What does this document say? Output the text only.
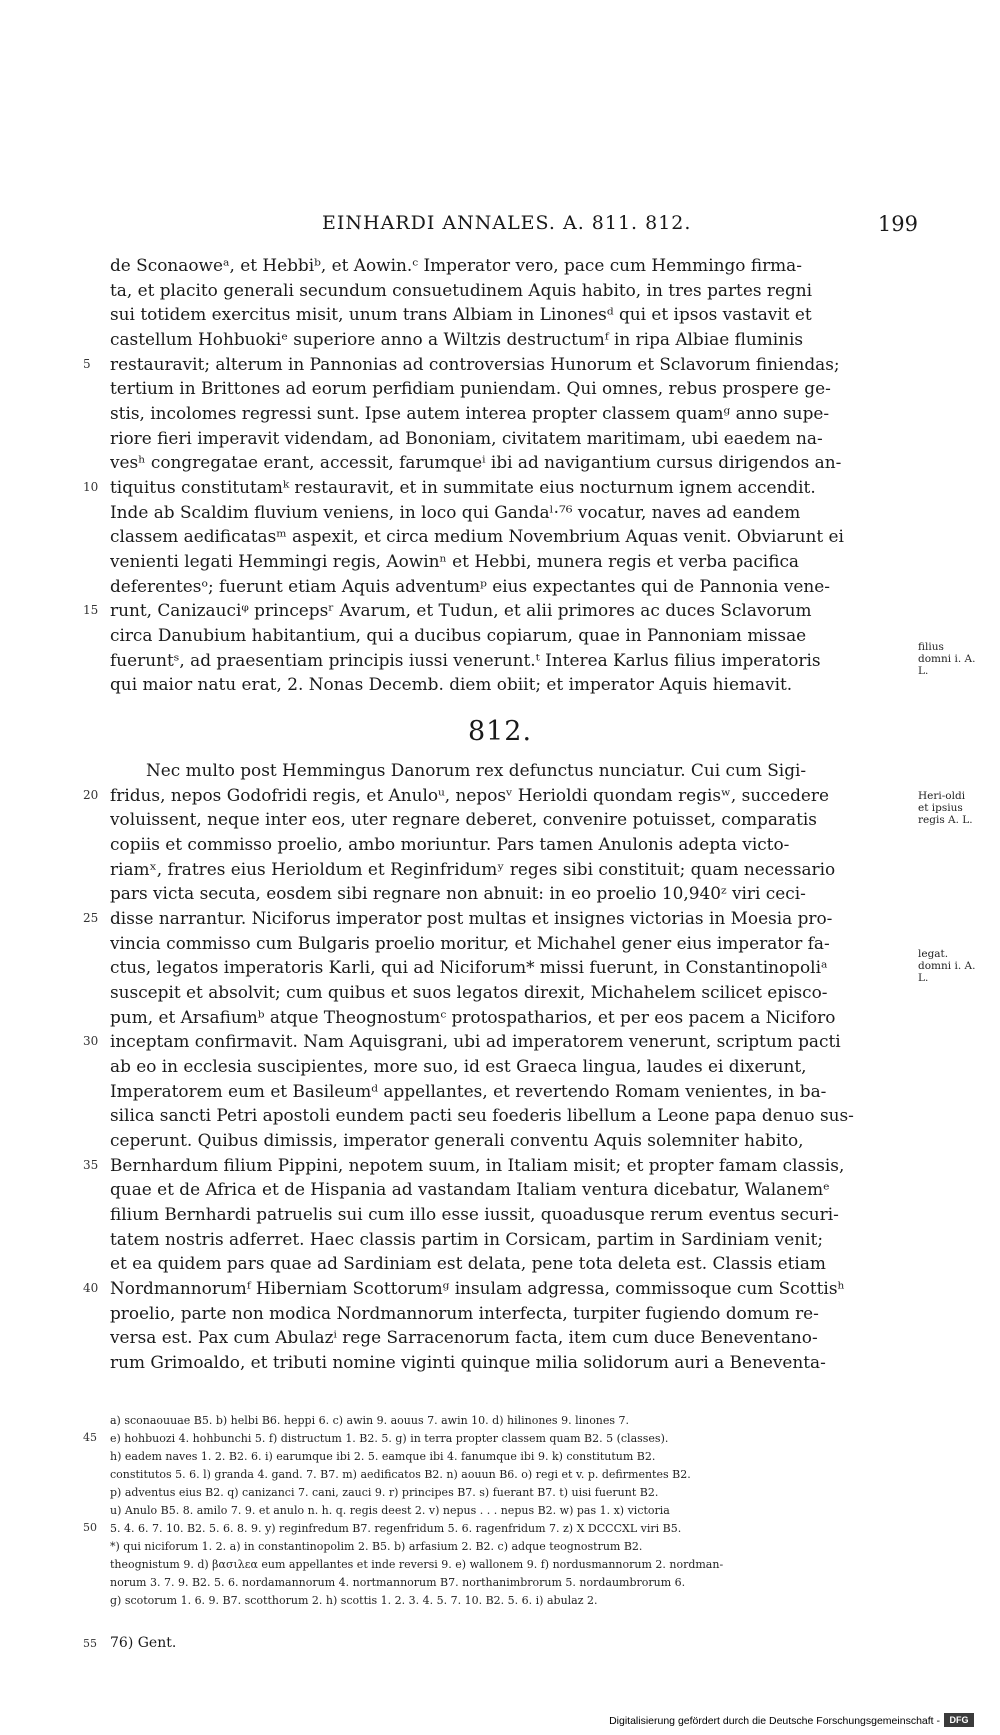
EINHARDI ANNALES. A. 811. 812.	199
de Sconaoweᵃ, et Hebbiᵇ, et Aowin.ᶜ Imperator vero, pace cum Hemmingo firma-
ta, et placito generali secundum consuetudinem Aquis habito, in tres partes regni
sui totidem exercitus misit, unum trans Albiam in Linonesᵈ qui et ipsos vastavit et
castellum Hohbuokiᵉ superiore anno a Wiltzis destructumᶠ in ripa Albiae fluminis
restauravit; alterum in Pannonias ad controversias Hunorum et Sclavorum finiendas;
tertium in Brittones ad eorum perfidiam puniendam. Qui omnes, rebus prospere ge-
stis, incolomes regressi sunt. Ipse autem interea propter classem quamᵍ anno supe-
riore fieri imperavit videndam, ad Bononiam, civitatem maritimam, ubi eaedem na-
vesʰ congregatae erant, accessit, farumqueⁱ ibi ad navigantium cursus dirigendos an-
tiquitus constitutamᵏ restauravit, et in summitate eius nocturnum ignem accendit.
Inde ab Scaldim fluvium veniens, in loco qui Gandaˡ·⁷⁶ vocatur, naves ad eandem
classem aedificatasᵐ aspexit, et circa medium Novembrium Aquas venit. Obviarunt ei
venienti legati Hemmingi regis, Aowinⁿ et Hebbi, munera regis et verba pacifica
deferentesᵒ; fuerunt etiam Aquis adventumᵖ eius expectantes qui de Pannonia vene-
runt, Canizauciᵠ princepsʳ Avarum, et Tudun, et alii primores ac duces Sclavorum
circa Danubium habitantium, qui a ducibus copiarum, quae in Pannoniam missae
fueruntˢ, ad praesentiam principis iussi venerunt.ᵗ Interea Karlus filius imperatoris
qui maior natu erat, 2. Nonas Decemb. diem obiit; et imperator Aquis hiemavit.
812.
Nec multo post Hemmingus Danorum rex defunctus nunciatur. Cui cum Sigi-
fridus, nepos Godofridi regis, et Anuloᵘ, neposᵛ Herioldi quondam regisʷ, succedere
voluissent, neque inter eos, uter regnare deberet, convenire potuisset, comparatis
copiis et commisso proelio, ambo moriuntur. Pars tamen Anulonis adepta victo-
riamˣ, fratres eius Herioldum et Reginfridumʸ reges sibi constituit; quam necessario
pars victa secuta, eosdem sibi regnare non abnuit: in eo proelio 10,940ᶻ viri ceci-
disse narrantur. Niciforus imperator post multas et insignes victorias in Moesia pro-
vincia commisso cum Bulgaris proelio moritur, et Michahel gener eius imperator fa-
ctus, legatos imperatoris Karli, qui ad Niciforum* missi fuerunt, in Constantinopoliᵃ
suscepit et absolvit; cum quibus et suos legatos direxit, Michahelem scilicet episco-
pum, et Arsafiumᵇ atque Theognostumᶜ protospatharios, et per eos pacem a Niciforo
inceptam confirmavit. Nam Aquisgrani, ubi ad imperatorem venerunt, scriptum pacti
ab eo in ecclesia suscipientes, more suo, id est Graeca lingua, laudes ei dixerunt,
Imperatorem eum et Basileumᵈ appellantes, et revertendo Romam venientes, in ba-
silica sancti Petri apostoli eundem pacti seu foederis libellum a Leone papa denuo sus-
ceperunt. Quibus dimissis, imperator generali conventu Aquis solemniter habito,
Bernhardum filium Pippini, nepotem suum, in Italiam misit; et propter famam classis,
quae et de Africa et de Hispania ad vastandam Italiam ventura dicebatur, Walanemᵉ
filium Bernhardi patruelis sui cum illo esse iussit, quoadusque rerum eventus securi-
tatem nostris adferret. Haec classis partim in Corsicam, partim in Sardiniam venit;
et ea quidem pars quae ad Sardiniam est delata, pene tota deleta est. Classis etiam
Nordmannorumᶠ Hiberniam Scottorumᵍ insulam adgressa, commissoque cum Scottisʰ
proelio, parte non modica Nordmannorum interfecta, turpiter fugiendo domum re-
versa est. Pax cum Abulazⁱ rege Sarracenorum facta, item cum duce Beneventano-
rum Grimoaldo, et tributi nomine viginti quinque milia solidorum auri a Beneventa-
5
10
15
20
25
30
35
40
filius domni i. A. L.
Heri-oldi et ipsius regis A. L.
legat. domni i. A. L.
a) sconaouuae B5. b) helbi B6. heppi 6. c) awin 9. aouus 7. awin 10. d) hilinones 9. linones 7.
e) hohbuozi 4. hohbunchi 5. f) distructum 1. B2. 5. g) in terra propter classem quam B2. 5 (classes).
h) eadem naves 1. 2. B2. 6. i) earumque ibi 2. 5. eamque ibi 4. fanumque ibi 9. k) constitutum B2.
constitutos 5. 6. l) granda 4. gand. 7. B7. m) aedificatos B2. n) aouun B6. o) regi et v. p. defirmentes B2.
p) adventus eius B2. q) canizanci 7. cani, zauci 9. r) principes B7. s) fuerant B7. t) uisi fuerunt B2.
u) Anulo B5. 8. amilo 7. 9. et anulo n. h. q. regis deest 2. v) nepus . . . nepus B2. w) pas 1. x) victoria
5. 4. 6. 7. 10. B2. 5. 6. 8. 9. y) reginfredum B7. regenfridum 5. 6. ragenfridum 7. z) X DCCCXL viri B5.
*) qui niciforum 1. 2. a) in constantinopolim 2. B5. b) arfasium 2. B2. c) adque teognostrum B2.
theognistum 9. d) βασιλεα eum appellantes et inde reversi 9. e) wallonem 9. f) nordusmannorum 2. nordman-
norum 3. 7. 9. B2. 5. 6. nordamannorum 4. nortmannorum B7. northanimbrorum 5. nordaumbrorum 6.
g) scotorum 1. 6. 9. B7. scotthorum 2. h) scottis 1. 2. 3. 4. 5. 7. 10. B2. 5. 6. i) abulaz 2.
45
50
55 76) Gent.
Digitalisierung gefördert durch die Deutsche Forschungsgemeinschaft -	DFG
